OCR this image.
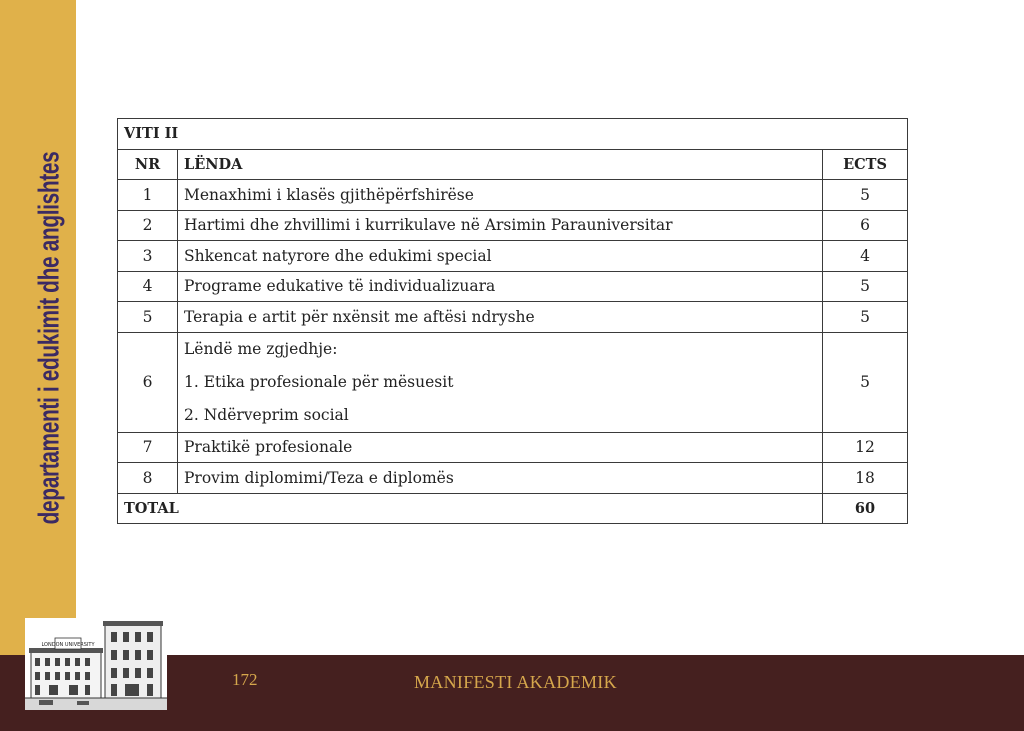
departamenti i edukimit dhe anglishtes
VITI II		
NR	LËNDA	ECTS
1	Menaxhimi i klasës gjithëpërfshirëse	5
2	Hartimi dhe zhvillimi i kurrikulave në Arsimin Parauniversitar	6
3	Shkencat natyrore dhe edukimi special	4
4	Programe edukative të individualizuara	5
5	Terapia e artit për nxënsit me aftësi ndryshe	5
6	Lëndë me zgjedhje:
1. Etika profesionale për mësuesit
2. Ndërveprim social	5
7	Praktikë profesionale	12
8	Provim diplomimi/Teza e diplomës	18
TOTAL		60
172	MANIFESTI AKADEMIK
LONDON UNIVERSITY
